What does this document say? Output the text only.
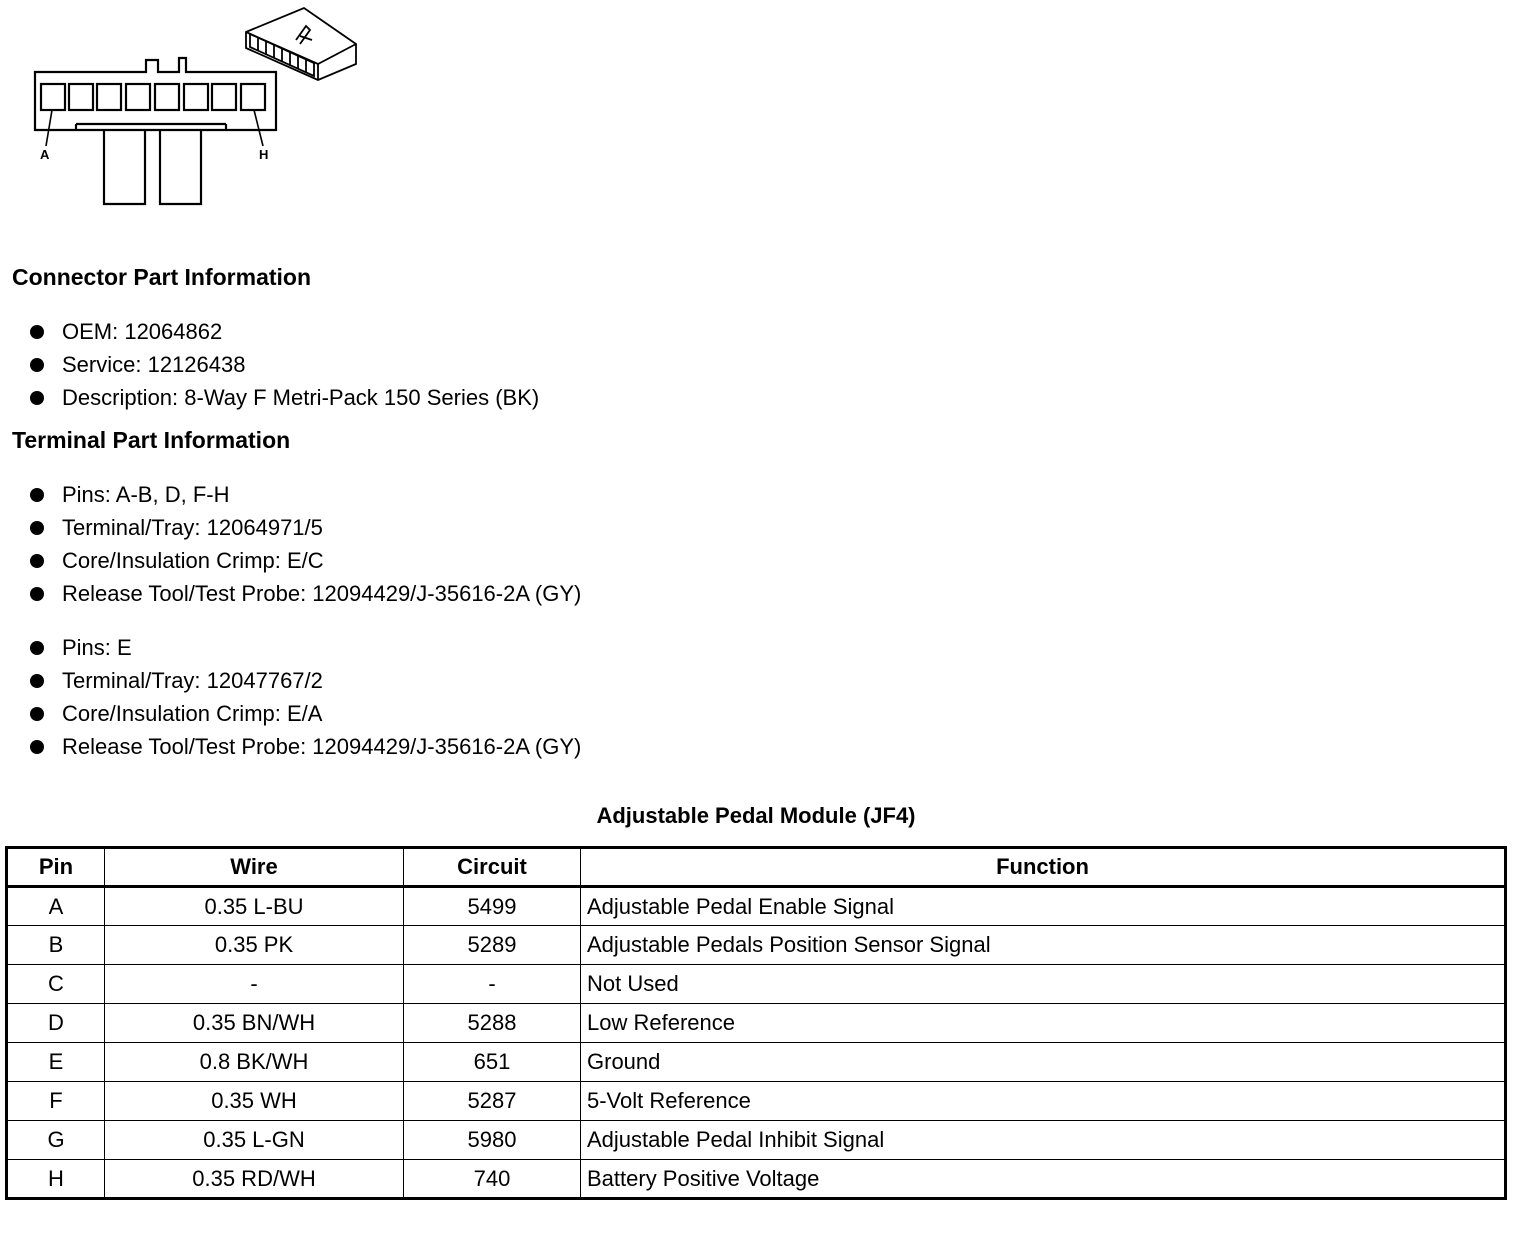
A	H
Connector Part Information
OEM: 12064862
Service: 12126438
Description: 8-Way F Metri-Pack 150 Series (BK)
Terminal Part Information
Pins: A-B, D, F-H
Terminal/Tray: 12064971/5
Core/Insulation Crimp: E/C
Release Tool/Test Probe: 12094429/J-35616-2A (GY)
Pins: E
Terminal/Tray: 12047767/2
Core/Insulation Crimp: E/A
Release Tool/Test Probe: 12094429/J-35616-2A (GY)
Adjustable Pedal Module (JF4)
Pin	Wire	Circuit	Function
A	0.35 L-BU	5499	Adjustable Pedal Enable Signal
B	0.35 PK	5289	Adjustable Pedals Position Sensor Signal
C	-	-	Not Used
D	0.35 BN/WH	5288	Low Reference
E	0.8 BK/WH	651	Ground
F	0.35 WH	5287	5-Volt Reference
G	0.35 L-GN	5980	Adjustable Pedal Inhibit Signal
H	0.35 RD/WH	740	Battery Positive Voltage
